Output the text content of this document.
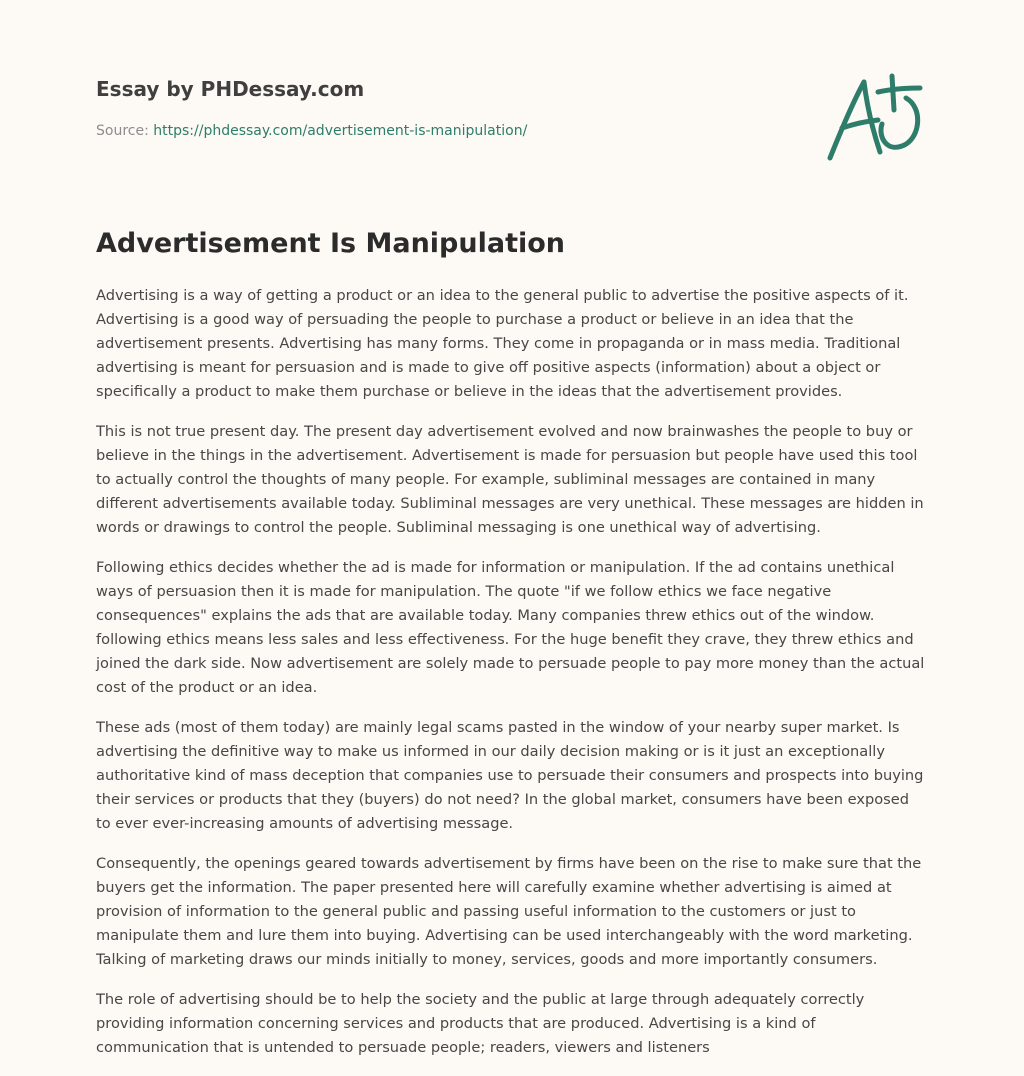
Essay by PHDessay.com
Source: https://phdessay.com/advertisement-is-manipulation/
Advertisement Is Manipulation

Advertising is a way of getting a product or an idea to the general public to advertise the positive aspects of it. Advertising is a good way of persuading the people to purchase a product or believe in an idea that the advertisement presents. Advertising has many forms. They come in propaganda or in mass media. Traditional advertising is meant for persuasion and is made to give off positive aspects (information) about a object or specifically a product to make them purchase or believe in the ideas that the advertisement provides.

This is not true present day. The present day advertisement evolved and now brainwashes the people to buy or believe in the things in the advertisement. Advertisement is made for persuasion but people have used this tool to actually control the thoughts of many people. For example, subliminal messages are contained in many different advertisements available today. Subliminal messages are very unethical. These messages are hidden in words or drawings to control the people. Subliminal messaging is one unethical way of advertising.

Following ethics decides whether the ad is made for information or manipulation. If the ad contains unethical ways of persuasion then it is made for manipulation. The quote "if we follow ethics we face negative consequences" explains the ads that are available today. Many companies threw ethics out of the window. following ethics means less sales and less effectiveness. For the huge benefit they crave, they threw ethics and joined the dark side. Now advertisement are solely made to persuade people to pay more money than the actual cost of the product or an idea.

These ads (most of them today) are mainly legal scams pasted in the window of your nearby super market. Is advertising the definitive way to make us informed in our daily decision making or is it just an exceptionally authoritative kind of mass deception that companies use to persuade their consumers and prospects into buying their services or products that they (buyers) do not need? In the global market, consumers have been exposed to ever ever-increasing amounts of advertising message.

Consequently, the openings geared towards advertisement by firms have been on the rise to make sure that the buyers get the information. The paper presented here will carefully examine whether advertising is aimed at provision of information to the general public and passing useful information to the customers or just to manipulate them and lure them into buying. Advertising can be used interchangeably with the word marketing. Talking of marketing draws our minds initially to money, services, goods and more importantly consumers.

The role of advertising should be to help the society and the public at large through adequately correctly providing information concerning services and products that are produced. Advertising is a kind of communication that is untended to persuade people; readers, viewers and listeners
